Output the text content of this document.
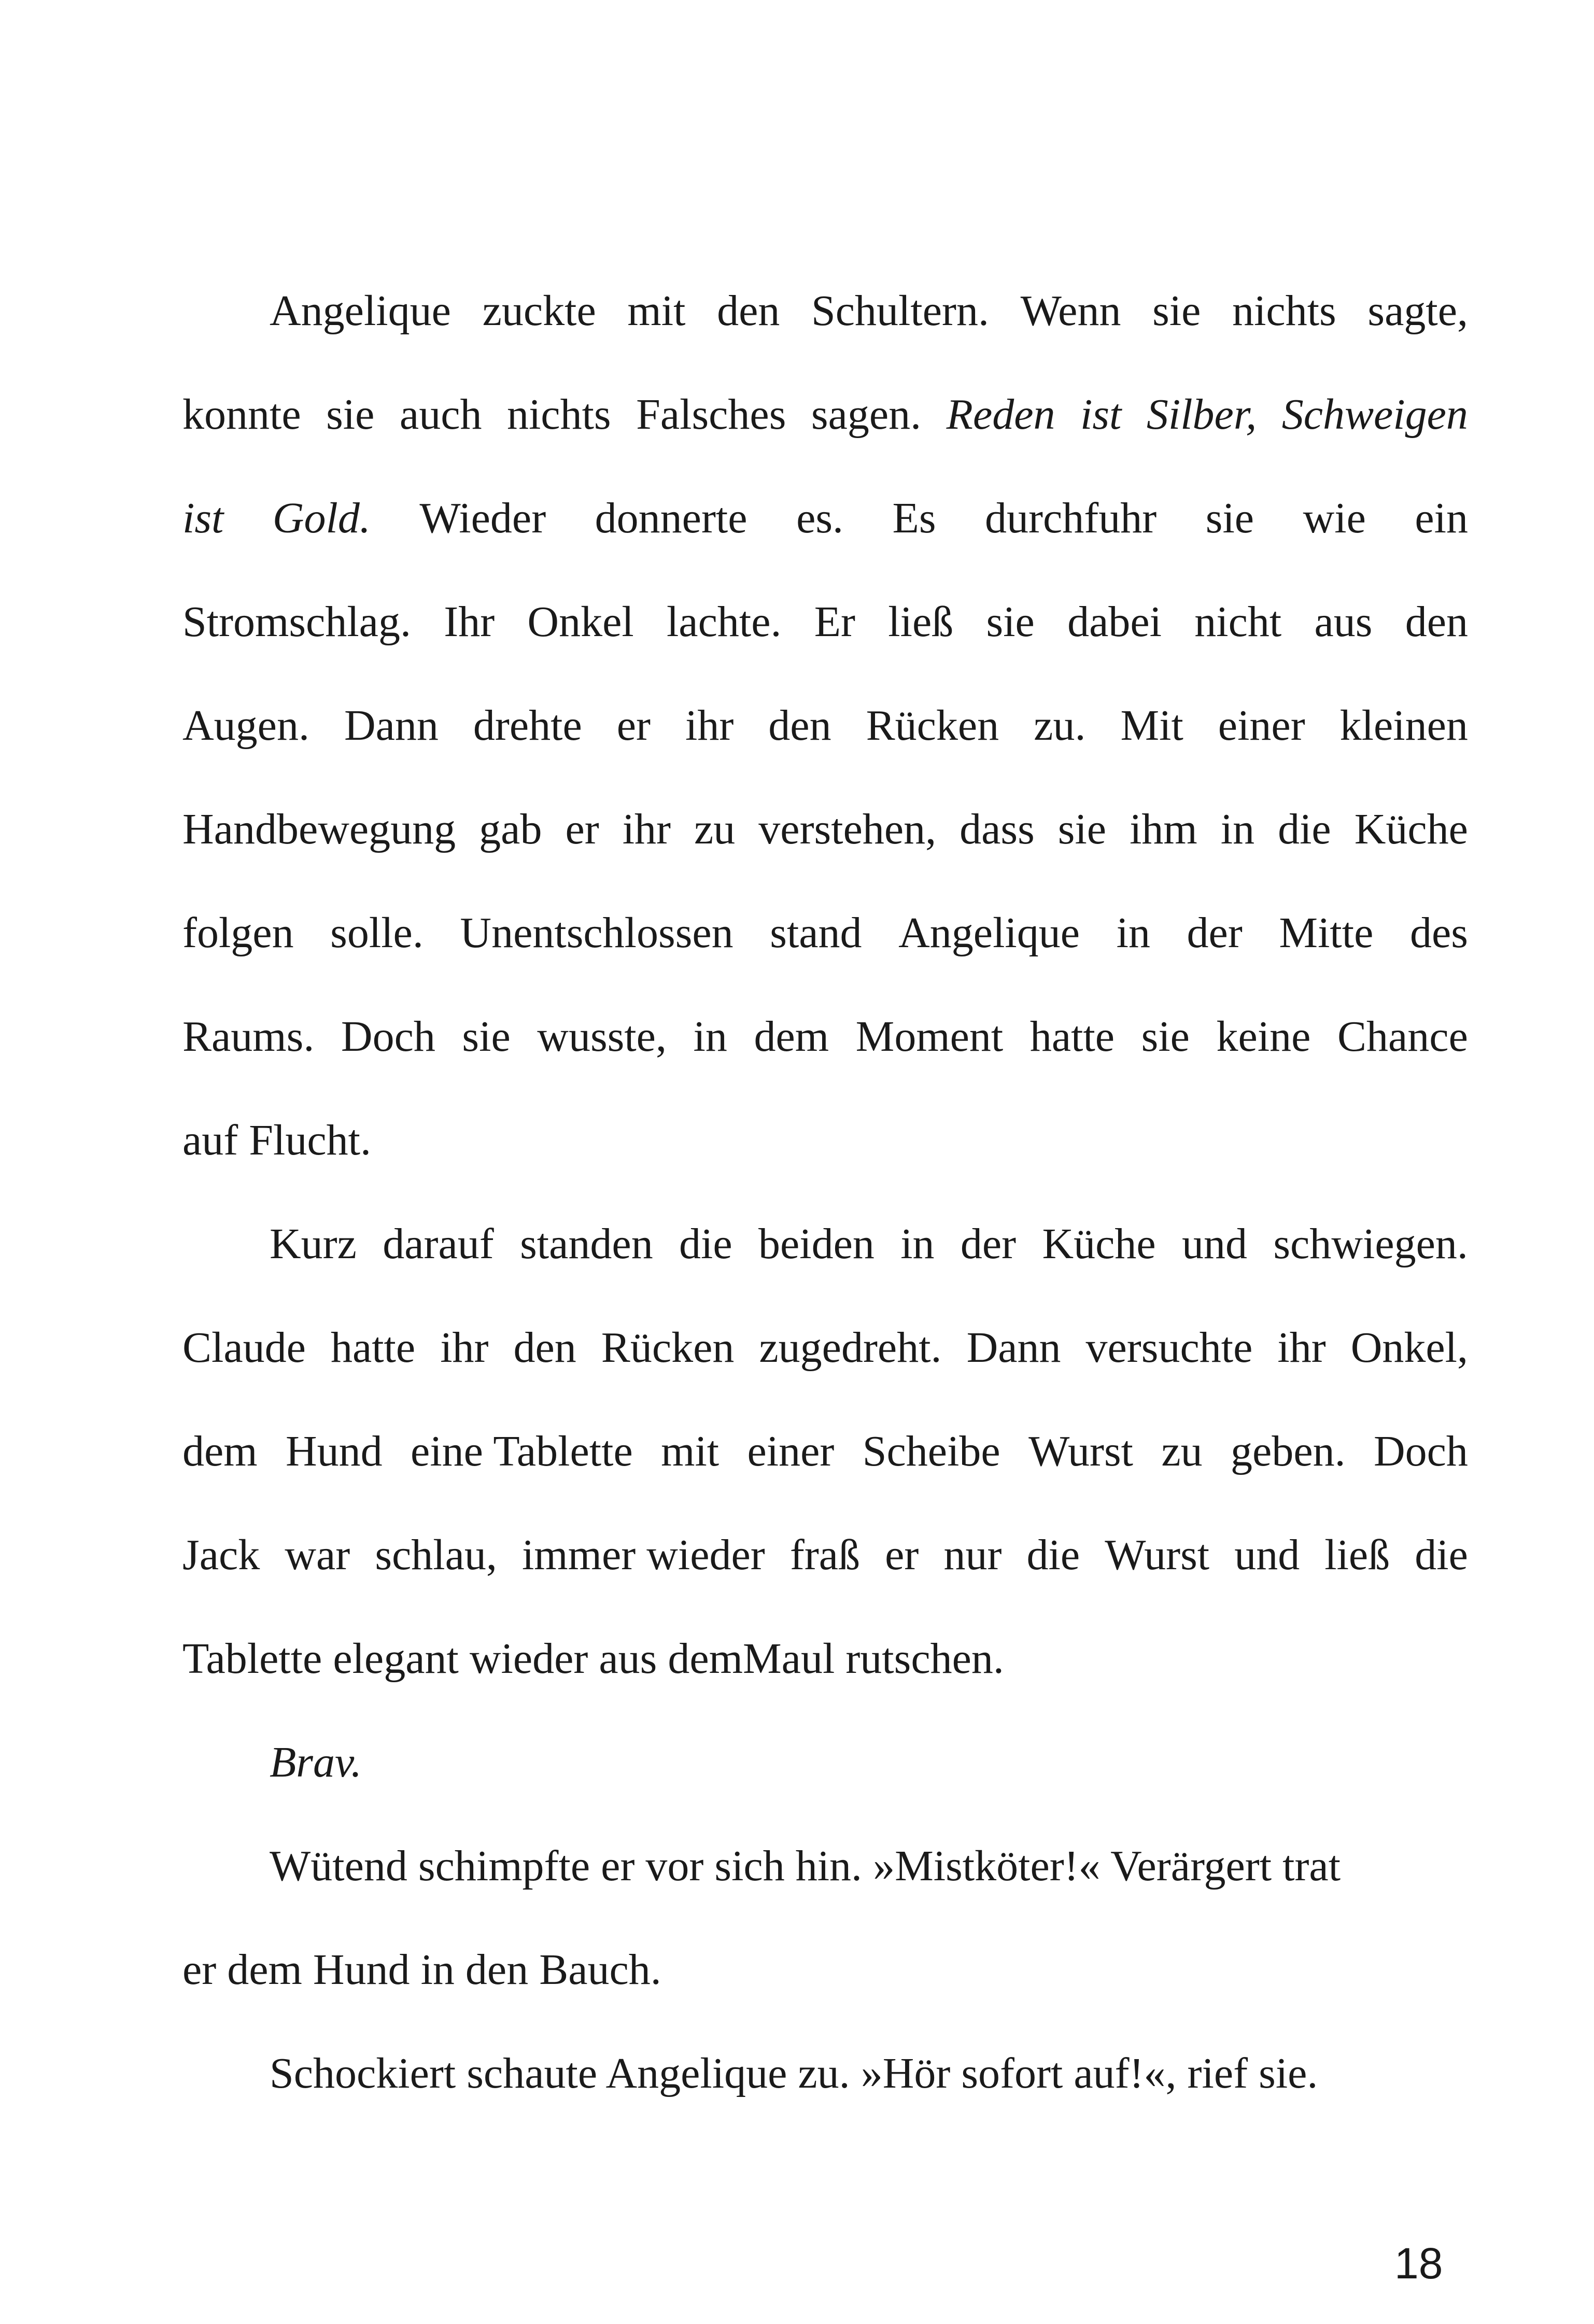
Angelique zuckte mit den Schultern. Wenn sie nichts sagte,
konnte sie auch nichts Falsches sagen. Reden ist Silber, Schweigen
ist Gold. Wieder donnerte es. Es durchfuhr sie wie ein
Stromschlag. Ihr Onkel lachte. Er ließ sie dabei nicht aus den
Augen. Dann drehte er ihr den Rücken zu. Mit einer kleinen
Handbewegung gab er ihr zu verstehen, dass sie ihm in die Küche
folgen solle. Unentschlossen stand Angelique in der Mitte des
Raums. Doch sie wusste, in dem Moment hatte sie keine Chance
auf Flucht.
Kurz darauf standen die beiden in der Küche und schwiegen.
Claude hatte ihr den Rücken zugedreht. Dann versuchte ihr Onkel,
dem Hund eine Tablette mit einer Scheibe Wurst zu geben. Doch
Jack war schlau, immer wieder fraß er nur die Wurst und ließ die
Tablette elegant wieder aus demMaul rutschen.
Brav.
Wütend schimpfte er vor sich hin. »Mistköter!« Verärgert trat
er dem Hund in den Bauch.
Schockiert schaute Angelique zu. »Hör sofort auf!«, rief sie.
18
